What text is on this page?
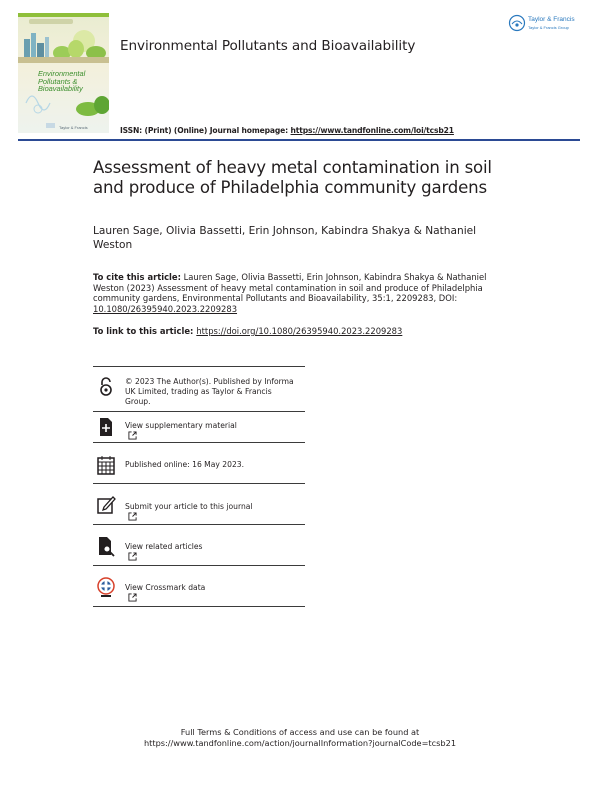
Environmental
Pollutants &
Bioavailability
Taylor & Francis
Environmental Pollutants and Bioavailability
Taylor & Francis
Taylor & Francis Group
ISSN: (Print) (Online) Journal homepage: https://www.tandfonline.com/loi/tcsb21
Assessment of heavy metal contamination in soil
and produce of Philadelphia community gardens
Lauren Sage, Olivia Bassetti, Erin Johnson, Kabindra Shakya & Nathaniel
Weston
To cite this article: Lauren Sage, Olivia Bassetti, Erin Johnson, Kabindra Shakya & Nathaniel
Weston (2023) Assessment of heavy metal contamination in soil and produce of Philadelphia
community gardens, Environmental Pollutants and Bioavailability, 35:1, 2209283, DOI:
10.1080/26395940.2023.2209283
To link to this article: https://doi.org/10.1080/26395940.2023.2209283
© 2023 The Author(s). Published by Informa
UK Limited, trading as Taylor & Francis
Group.
View supplementary material
Published online: 16 May 2023.
Submit your article to this journal
View related articles
View Crossmark data
Full Terms & Conditions of access and use can be found at
https://www.tandfonline.com/action/journalInformation?journalCode=tcsb21
